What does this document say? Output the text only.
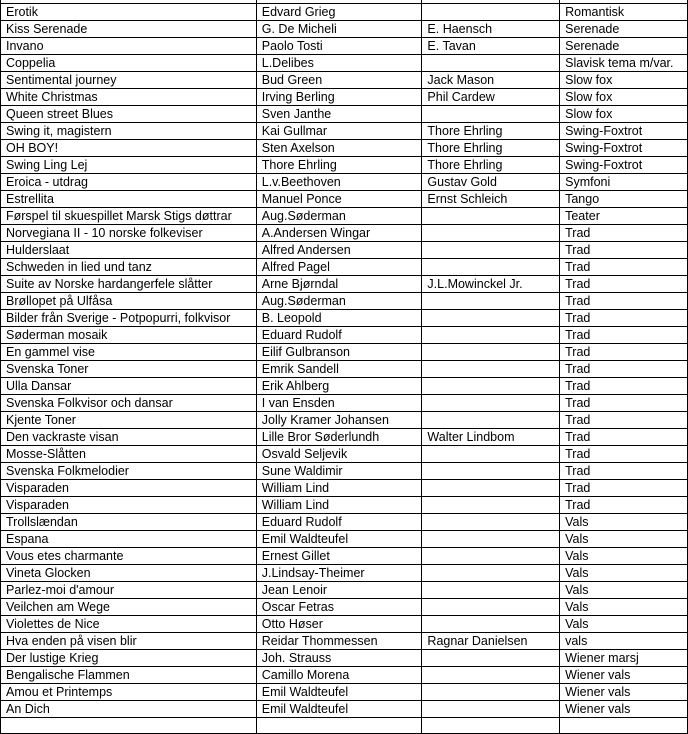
Erotik	Edvard Grieg		Romantisk
Kiss Serenade	G. De Micheli	E. Haensch	Serenade
Invano	Paolo Tosti	E. Tavan	Serenade
Coppelia	L.Delibes		Slavisk tema m/var.
Sentimental journey	Bud Green	Jack Mason	Slow fox
White Christmas	Irving Berling	Phil Cardew	Slow fox
Queen street Blues	Sven Janthe		Slow fox
Swing it, magistern	Kai Gullmar	Thore Ehrling	Swing-Foxtrot
OH BOY!	Sten Axelson	Thore Ehrling	Swing-Foxtrot
Swing Ling Lej	Thore Ehrling	Thore Ehrling	Swing-Foxtrot
Eroica - utdrag	L.v.Beethoven	Gustav Gold	Symfoni
Estrellita	Manuel Ponce	Ernst Schleich	Tango
Førspel til skuespillet Marsk Stigs døttrar	Aug.Søderman		Teater
Norvegiana II - 10 norske folkeviser	A.Andersen Wingar		Trad
Hulderslaat	Alfred Andersen		Trad
Schweden in lied und tanz	Alfred Pagel		Trad
Suite av Norske hardangerfele slåtter	Arne Bjørndal	J.L.Mowinckel Jr.	Trad
Brøllopet på Ulfåsa	Aug.Søderman		Trad
Bilder från Sverige - Potpopurri, folkvisor	B. Leopold		Trad
Søderman mosaik	Eduard Rudolf		Trad
En gammel vise	Eilif Gulbranson		Trad
Svenska Toner	Emrik Sandell		Trad
Ulla Dansar	Erik Ahlberg		Trad
Svenska Folkvisor och dansar	I van Ensden		Trad
Kjente Toner	Jolly Kramer Johansen		Trad
Den vackraste visan	Lille Bror Søderlundh	Walter Lindbom	Trad
Mosse-Slåtten	Osvald Seljevik		Trad
Svenska Folkmelodier	Sune Waldimir		Trad
Visparaden	William Lind		Trad
Visparaden	William Lind		Trad
Trollslændan	Eduard Rudolf		Vals
Espana	Emil Waldteufel		Vals
Vous etes charmante	Ernest Gillet		Vals
Vineta Glocken	J.Lindsay-Theimer		Vals
Parlez-moi d'amour	Jean Lenoir		Vals
Veilchen am Wege	Oscar Fetras		Vals
Violettes de Nice	Otto Høser		Vals
Hva enden på visen blir	Reidar Thommessen	Ragnar Danielsen	vals
Der lustige Krieg	Joh. Strauss		Wiener marsj
Bengalische Flammen	Camillo Morena		Wiener vals
Amou et Printemps	Emil Waldteufel		Wiener vals
An Dich	Emil Waldteufel		Wiener vals
